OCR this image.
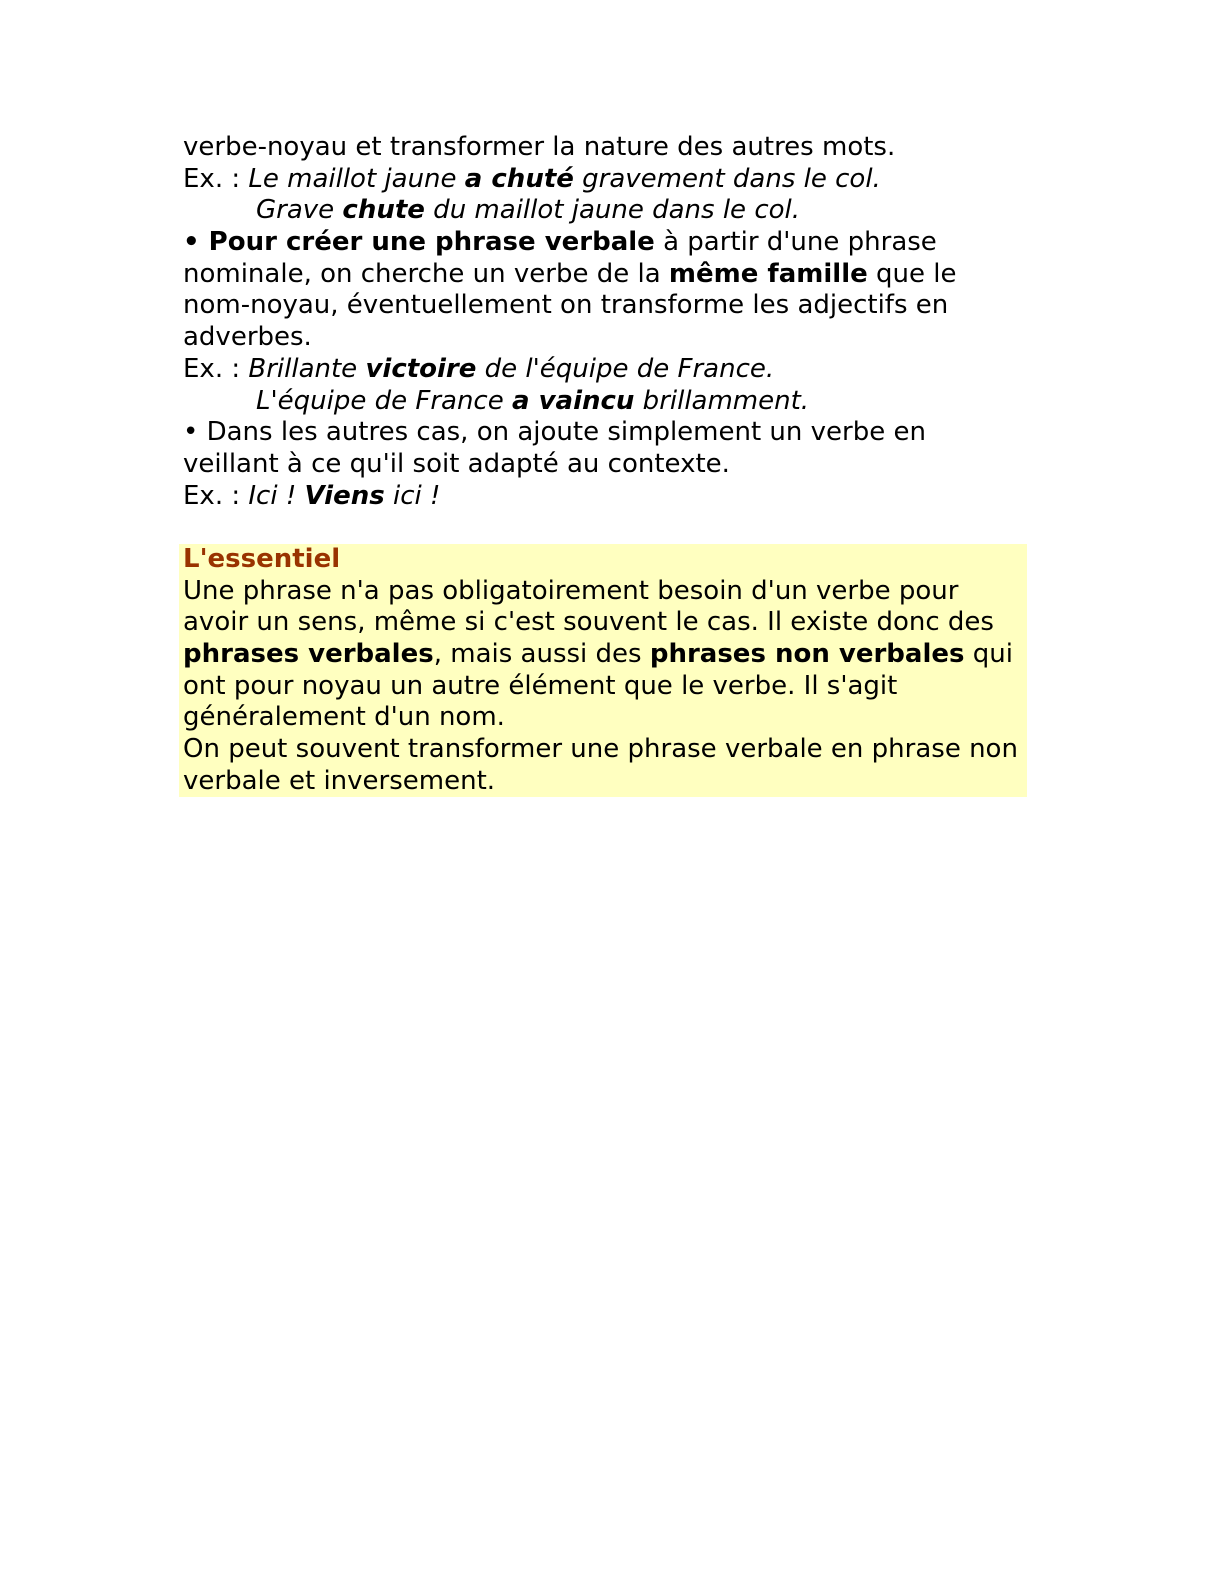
verbe-noyau et transformer la nature des autres mots.
Ex. : Le maillot jaune a chuté gravement dans le col.
Grave chute du maillot jaune dans le col.
• Pour créer une phrase verbale à partir d'une phrase
nominale, on cherche un verbe de la même famille que le
nom-noyau, éventuellement on transforme les adjectifs en
adverbes.
Ex. : Brillante victoire de l'équipe de France.
L'équipe de France a vaincu brillamment.
• Dans les autres cas, on ajoute simplement un verbe en
veillant à ce qu'il soit adapté au contexte.
Ex. : Ici ! Viens ici !
L'essentiel
Une phrase n'a pas obligatoirement besoin d'un verbe pour
avoir un sens, même si c'est souvent le cas. Il existe donc des
phrases verbales, mais aussi des phrases non verbales qui
ont pour noyau un autre élément que le verbe. Il s'agit
généralement d'un nom.
On peut souvent transformer une phrase verbale en phrase non
verbale et inversement.
